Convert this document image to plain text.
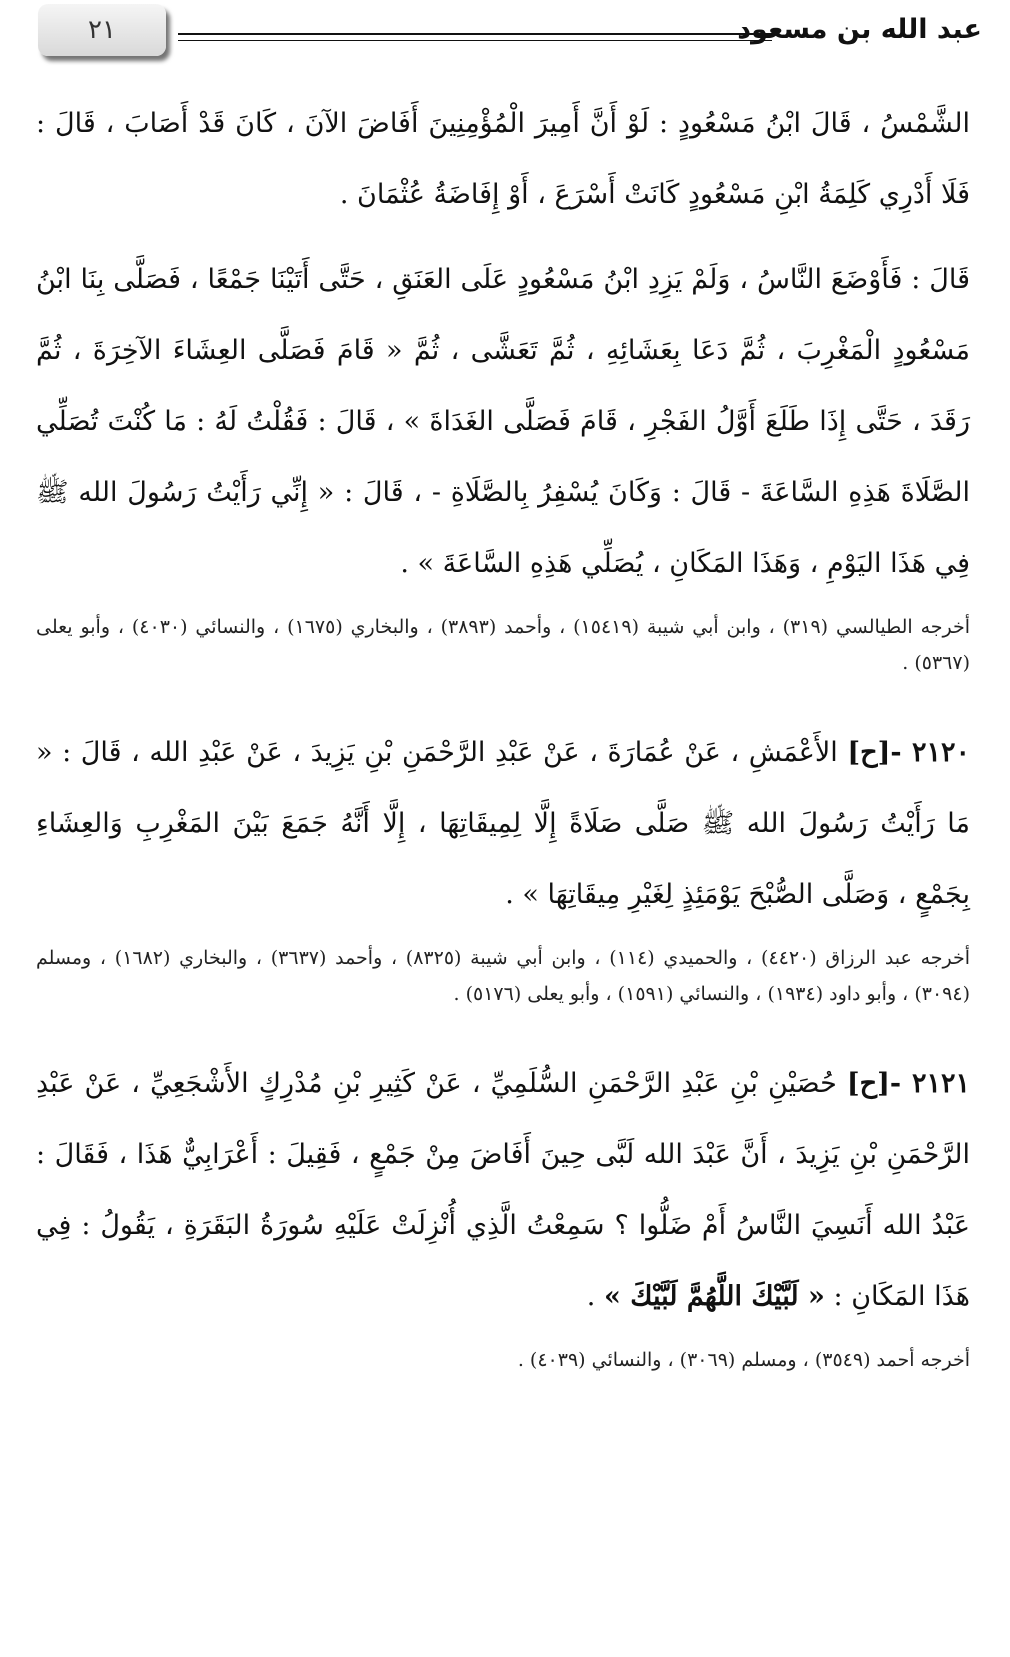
عبد الله بن مسعود
٢١

الشَّمْسُ ، قَالَ ابْنُ مَسْعُودٍ : لَوْ أَنَّ أَمِيرَ الْمُؤْمِنِينَ أَفَاضَ الآنَ ، كَانَ قَدْ أَصَابَ ، قَالَ : فَلَا أَدْرِي كَلِمَةُ ابْنِ مَسْعُودٍ كَانَتْ أَسْرَعَ ، أَوْ إِفَاضَةُ عُثْمَانَ .

قَالَ : فَأَوْضَعَ النَّاسُ ، وَلَمْ يَزِدِ ابْنُ مَسْعُودٍ عَلَى العَنَقِ ، حَتَّى أَتَيْنَا جَمْعًا ، فَصَلَّى بِنَا ابْنُ مَسْعُودٍ الْمَغْرِبَ ، ثُمَّ دَعَا بِعَشَائِهِ ، ثُمَّ تَعَشَّى ، ثُمَّ « قَامَ فَصَلَّى العِشَاءَ الآخِرَةَ ، ثُمَّ رَقَدَ ، حَتَّى إِذَا طَلَعَ أَوَّلُ الفَجْرِ ، قَامَ فَصَلَّى الغَدَاةَ » ، قَالَ : فَقُلْتُ لَهُ : مَا كُنْتَ تُصَلِّي الصَّلَاةَ هَذِهِ السَّاعَةَ - قَالَ : وَكَانَ يُسْفِرُ بِالصَّلَاةِ - ، قَالَ : « إِنِّي رَأَيْتُ رَسُولَ الله ﷺ فِي هَذَا اليَوْمِ ، وَهَذَا المَكَانِ ، يُصَلِّي هَذِهِ السَّاعَةَ » .

أخرجه الطيالسي (٣١٩) ، وابن أبي شيبة (١٥٤١٩) ، وأحمد (٣٨٩٣) ، والبخاري (١٦٧٥) ، والنسائي (٤٠٣٠) ، وأبو يعلى (٥٣٦٧) .

٢١٢٠ -[ح] الأَعْمَشِ ، عَنْ عُمَارَةَ ، عَنْ عَبْدِ الرَّحْمَنِ بْنِ يَزِيدَ ، عَنْ عَبْدِ الله ، قَالَ : « مَا رَأَيْتُ رَسُولَ الله ﷺ صَلَّى صَلَاةً إِلَّا لِمِيقَاتِهَا ، إِلَّا أَنَّهُ جَمَعَ بَيْنَ المَغْرِبِ وَالعِشَاءِ بِجَمْعٍ ، وَصَلَّى الصُّبْحَ يَوْمَئِذٍ لِغَيْرِ مِيقَاتِهَا » .

أخرجه عبد الرزاق (٤٤٢٠) ، والحميدي (١١٤) ، وابن أبي شيبة (٨٣٢٥) ، وأحمد (٣٦٣٧) ، والبخاري (١٦٨٢) ، ومسلم (٣٠٩٤) ، وأبو داود (١٩٣٤) ، والنسائي (١٥٩١) ، وأبو يعلى (٥١٧٦) .

٢١٢١ -[ح] حُصَيْنِ بْنِ عَبْدِ الرَّحْمَنِ السُّلَمِيِّ ، عَنْ كَثِيرِ بْنِ مُدْرِكٍ الأَشْجَعِيِّ ، عَنْ عَبْدِ الرَّحْمَنِ بْنِ يَزِيدَ ، أَنَّ عَبْدَ الله لَبَّى حِينَ أَفَاضَ مِنْ جَمْعٍ ، فَقِيلَ : أَعْرَابِيٌّ هَذَا ، فَقَالَ : عَبْدُ الله أَنَسِيَ النَّاسُ أَمْ ضَلُّوا ؟ سَمِعْتُ الَّذِي أُنْزِلَتْ عَلَيْهِ سُورَةُ البَقَرَةِ ، يَقُولُ : فِي هَذَا المَكَانِ : « لَبَّيْكَ اللَّهُمَّ لَبَّيْكَ » .

أخرجه أحمد (٣٥٤٩) ، ومسلم (٣٠٦٩) ، والنسائي (٤٠٣٩) .
